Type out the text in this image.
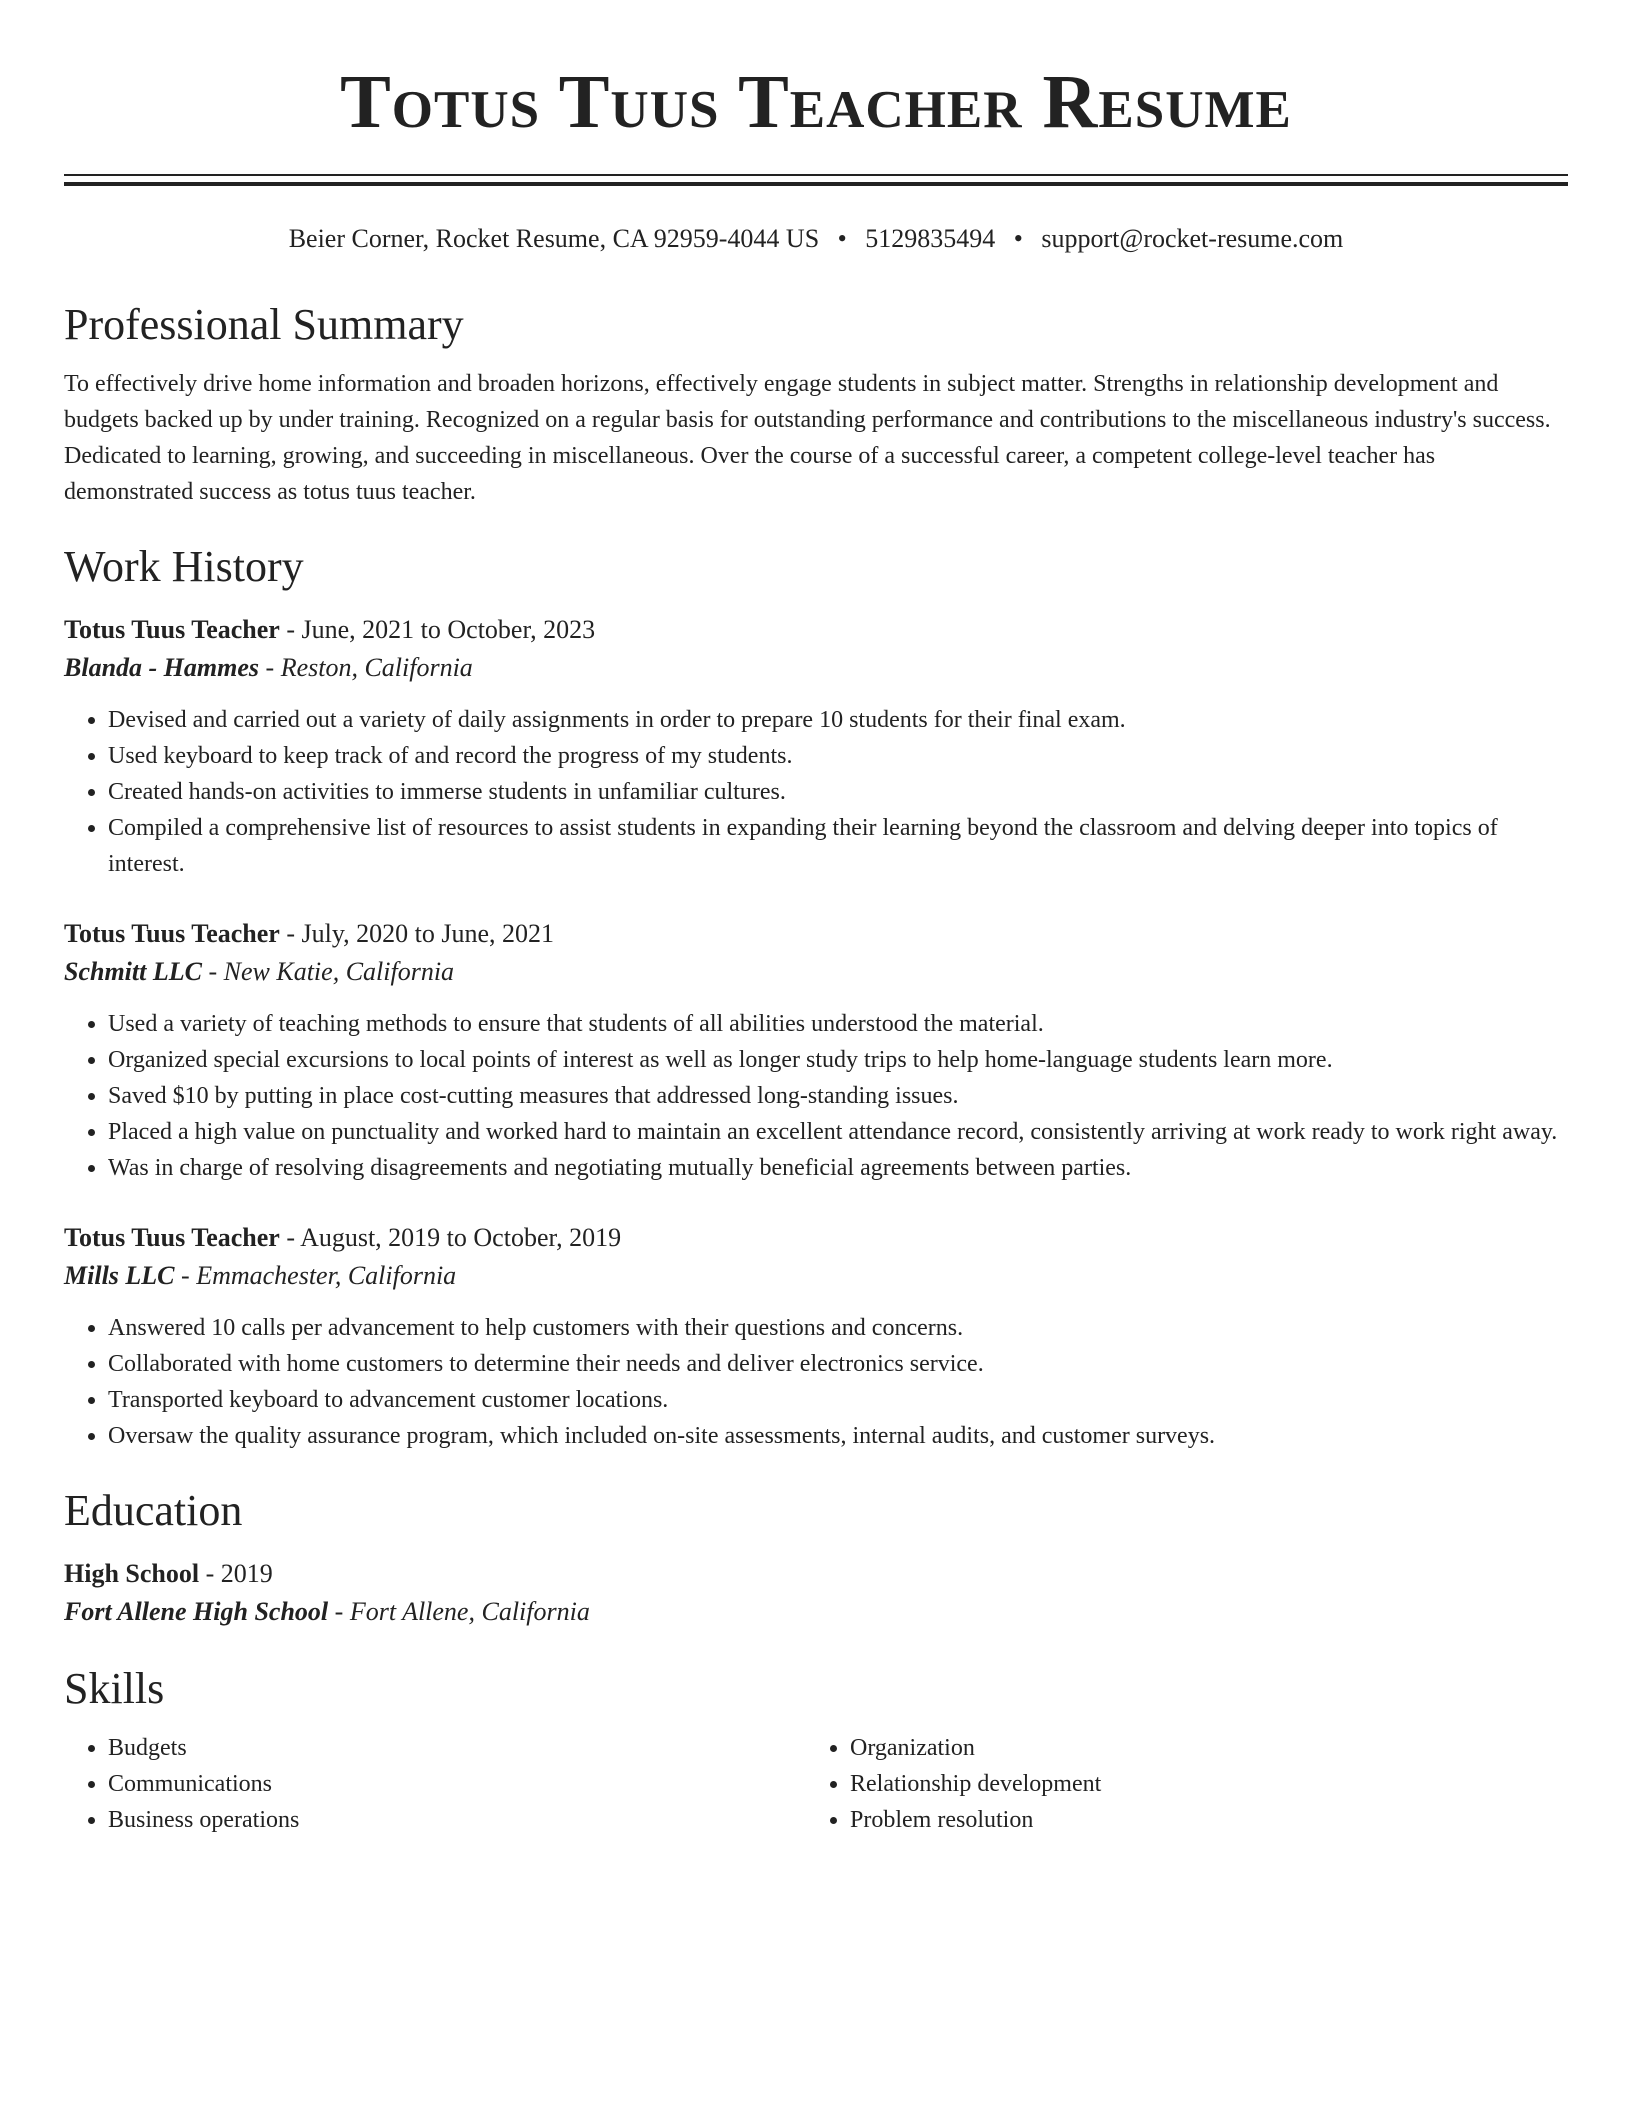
Totus Tuus Teacher Resume
Beier Corner, Rocket Resume, CA 92959-4044 US • 5129835494 • support@rocket-resume.com
Professional Summary

To effectively drive home information and broaden horizons, effectively engage students in subject matter. Strengths in relationship development and budgets backed up by under training. Recognized on a regular basis for outstanding performance and contributions to the miscellaneous industry's success. Dedicated to learning, growing, and succeeding in miscellaneous. Over the course of a successful career, a competent college-level teacher has demonstrated success as totus tuus teacher.

Work History
Totus Tuus Teacher - June, 2021 to October, 2023
Blanda - Hammes - Reston, California
• Devised and carried out a variety of daily assignments in order to prepare 10 students for their final exam.
• Used keyboard to keep track of and record the progress of my students.
• Created hands-on activities to immerse students in unfamiliar cultures.
• Compiled a comprehensive list of resources to assist students in expanding their learning beyond the classroom and delving deeper into topics of interest.
Totus Tuus Teacher - July, 2020 to June, 2021
Schmitt LLC - New Katie, California
• Used a variety of teaching methods to ensure that students of all abilities understood the material.
• Organized special excursions to local points of interest as well as longer study trips to help home-language students learn more.
• Saved $10 by putting in place cost-cutting measures that addressed long-standing issues.
• Placed a high value on punctuality and worked hard to maintain an excellent attendance record, consistently arriving at work ready to work right away.
• Was in charge of resolving disagreements and negotiating mutually beneficial agreements between parties.
Totus Tuus Teacher - August, 2019 to October, 2019
Mills LLC - Emmachester, California
• Answered 10 calls per advancement to help customers with their questions and concerns.
• Collaborated with home customers to determine their needs and deliver electronics service.
• Transported keyboard to advancement customer locations.
• Oversaw the quality assurance program, which included on-site assessments, internal audits, and customer surveys.
Education
High School - 2019
Fort Allene High School - Fort Allene, California
Skills
• Budgets
• Communications
• Business operations
• Organization
• Relationship development
• Problem resolution
